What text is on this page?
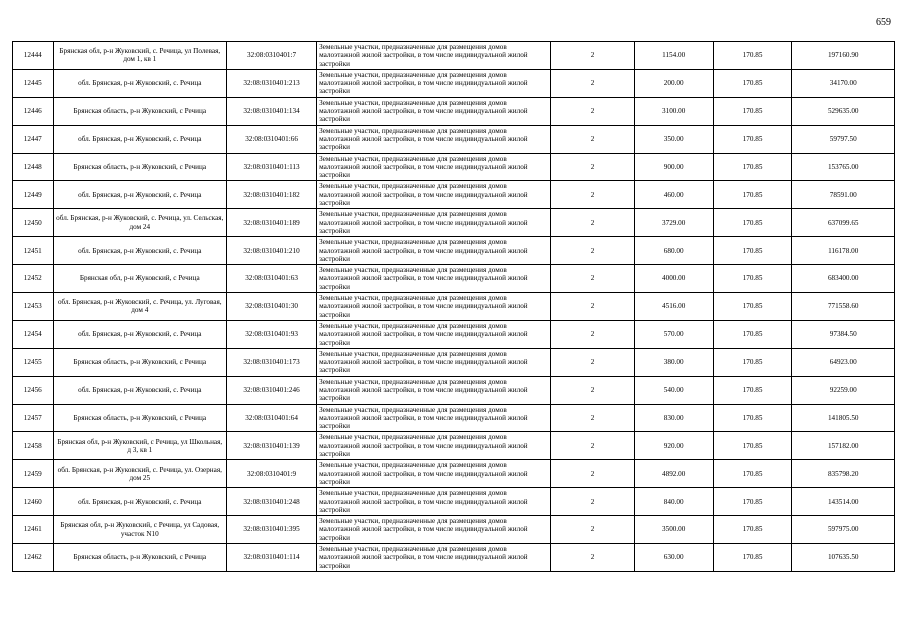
659
12444	Брянская обл, р-н Жуковский, с. Речица, ул Полевая, дом 1, кв 1	32:08:0310401:7	Земельные участки, предназначенные для размещения домов малоэтажной жилой застройки, в том числе индивидуальной жилой застройки	2	1154.00	170.85	197160.90
12445	обл. Брянская, р-н Жуковский, с. Речица	32:08:0310401:213	Земельные участки, предназначенные для размещения домов малоэтажной жилой застройки, в том числе индивидуальной жилой застройки	2	200.00	170.85	34170.00
12446	Брянская область, р-н Жуковский, с Речица	32:08:0310401:134	Земельные участки, предназначенные для размещения домов малоэтажной жилой застройки, в том числе индивидуальной жилой застройки	2	3100.00	170.85	529635.00
12447	обл. Брянская, р-н Жуковский, с. Речица	32:08:0310401:66	Земельные участки, предназначенные для размещения домов малоэтажной жилой застройки, в том числе индивидуальной жилой застройки	2	350.00	170.85	59797.50
12448	Брянская область, р-н Жуковский, с Речица	32:08:0310401:113	Земельные участки, предназначенные для размещения домов малоэтажной жилой застройки, в том числе индивидуальной жилой застройки	2	900.00	170.85	153765.00
12449	обл. Брянская, р-н Жуковский, с. Речица	32:08:0310401:182	Земельные участки, предназначенные для размещения домов малоэтажной жилой застройки, в том числе индивидуальной жилой застройки	2	460.00	170.85	78591.00
12450	обл. Брянская, р-н Жуковский, с. Речица, ул. Сельская, дом 24	32:08:0310401:189	Земельные участки, предназначенные для размещения домов малоэтажной жилой застройки, в том числе индивидуальной жилой застройки	2	3729.00	170.85	637099.65
12451	обл. Брянская, р-н Жуковский, с. Речица	32:08:0310401:210	Земельные участки, предназначенные для размещения домов малоэтажной жилой застройки, в том числе индивидуальной жилой застройки	2	680.00	170.85	116178.00
12452	Брянская обл, р-н Жуковский, с Речица	32:08:0310401:63	Земельные участки, предназначенные для размещения домов малоэтажной жилой застройки, в том числе индивидуальной жилой застройки	2	4000.00	170.85	683400.00
12453	обл. Брянская, р-н Жуковский, с. Речица, ул. Луговая, дом 4	32:08:0310401:30	Земельные участки, предназначенные для размещения домов малоэтажной жилой застройки, в том числе индивидуальной жилой застройки	2	4516.00	170.85	771558.60
12454	обл. Брянская, р-н Жуковский, с. Речица	32:08:0310401:93	Земельные участки, предназначенные для размещения домов малоэтажной жилой застройки, в том числе индивидуальной жилой застройки	2	570.00	170.85	97384.50
12455	Брянская область, р-н Жуковский, с Речица	32:08:0310401:173	Земельные участки, предназначенные для размещения домов малоэтажной жилой застройки, в том числе индивидуальной жилой застройки	2	380.00	170.85	64923.00
12456	обл. Брянская, р-н Жуковский, с. Речица	32:08:0310401:246	Земельные участки, предназначенные для размещения домов малоэтажной жилой застройки, в том числе индивидуальной жилой застройки	2	540.00	170.85	92259.00
12457	Брянская область, р-н Жуковский, с Речица	32:08:0310401:64	Земельные участки, предназначенные для размещения домов малоэтажной жилой застройки, в том числе индивидуальной жилой застройки	2	830.00	170.85	141805.50
12458	Брянская обл, р-н Жуковский, с Речица, ул Школьная, д 3, кв 1	32:08:0310401:139	Земельные участки, предназначенные для размещения домов малоэтажной жилой застройки, в том числе индивидуальной жилой застройки	2	920.00	170.85	157182.00
12459	обл. Брянская, р-н Жуковский, с. Речица, ул. Озерная, дом 25	32:08:0310401:9	Земельные участки, предназначенные для размещения домов малоэтажной жилой застройки, в том числе индивидуальной жилой застройки	2	4892.00	170.85	835798.20
12460	обл. Брянская, р-н Жуковский, с. Речица	32:08:0310401:248	Земельные участки, предназначенные для размещения домов малоэтажной жилой застройки, в том числе индивидуальной жилой застройки	2	840.00	170.85	143514.00
12461	Брянская обл, р-н Жуковский, с Речица, ул Садовая, участок N10	32:08:0310401:395	Земельные участки, предназначенные для размещения домов малоэтажной жилой застройки, в том числе индивидуальной жилой застройки	2	3500.00	170.85	597975.00
12462	Брянская область, р-н Жуковский, с Речица	32:08:0310401:114	Земельные участки, предназначенные для размещения домов малоэтажной жилой застройки, в том числе индивидуальной жилой застройки	2	630.00	170.85	107635.50
